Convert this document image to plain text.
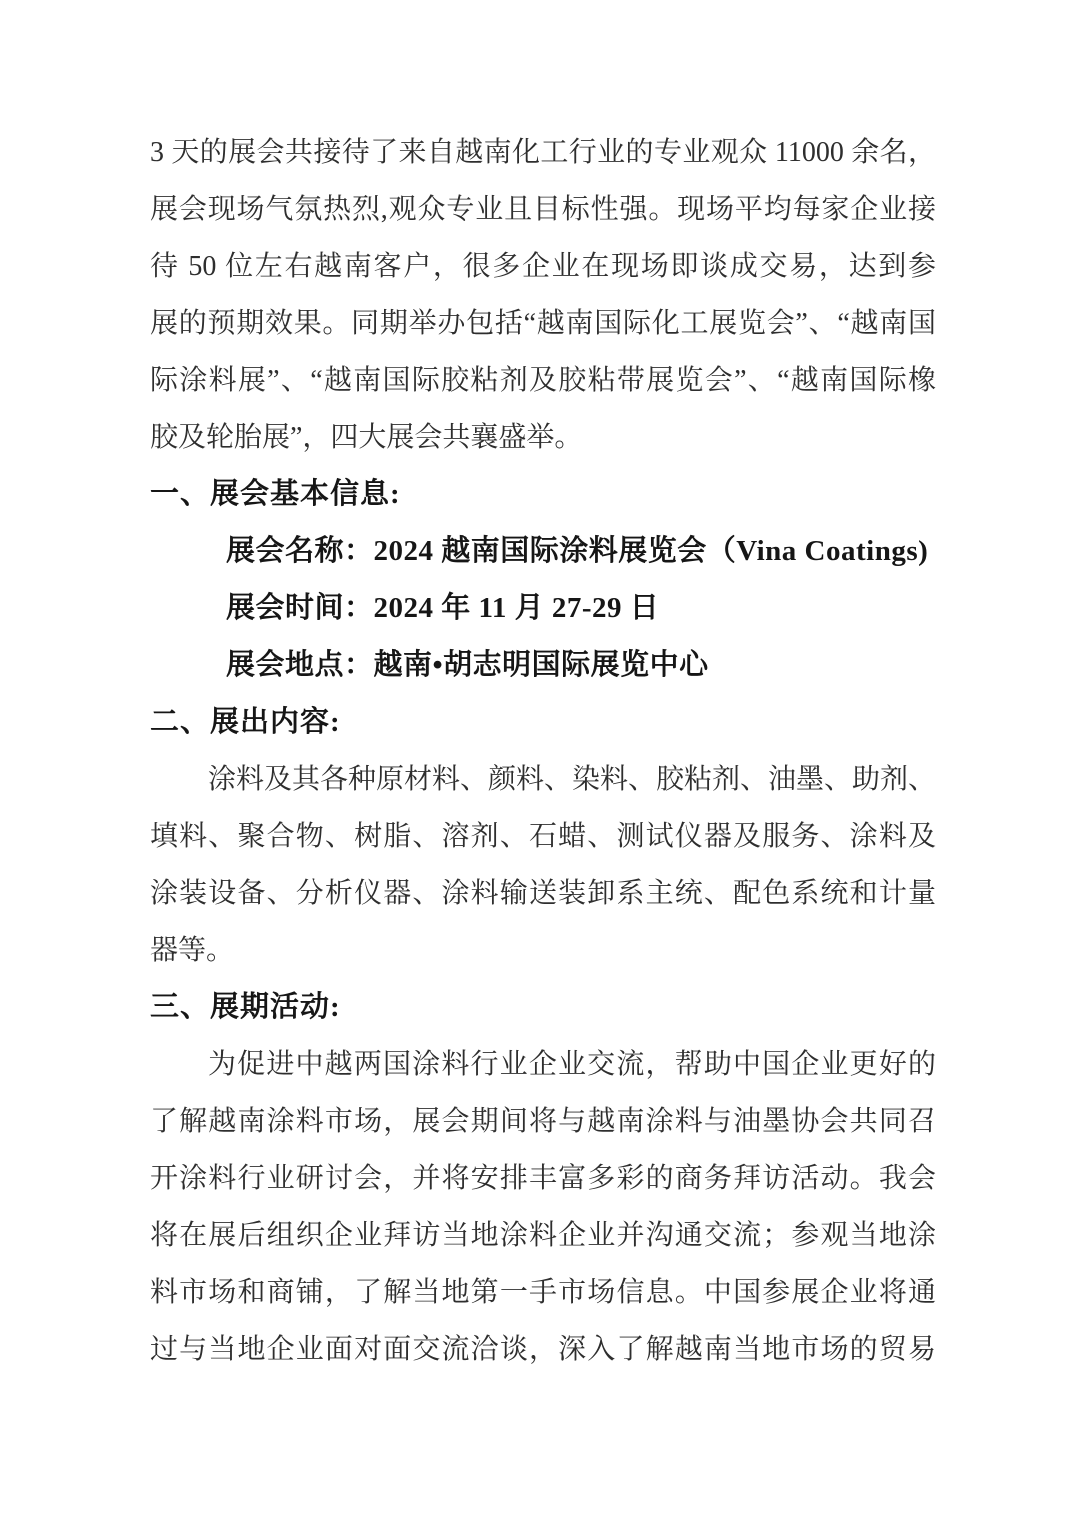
3 天的展会共接待了来自越南化工行业的专业观众 11000 余名，
展会现场气氛热烈,观众专业且目标性强。现场平均每家企业接
待 50 位左右越南客户，很多企业在现场即谈成交易，达到参
展的预期效果。同期举办包括“越南国际化工展览会”、“越南国
际涂料展”、“越南国际胶粘剂及胶粘带展览会”、“越南国际橡
胶及轮胎展”，四大展会共襄盛举。
一、展会基本信息:
展会名称：2024 越南国际涂料展览会（Vina Coatings)
展会时间：2024 年 11 月 27-29 日
展会地点：越南•胡志明国际展览中心
二、展出内容:
涂料及其各种原材料、颜料、染料、胶粘剂、油墨、助剂、
填料、聚合物、树脂、溶剂、石蜡、测试仪器及服务、涂料及
涂装设备、分析仪器、涂料输送装卸系主统、配色系统和计量
器等。
三、展期活动:
为促进中越两国涂料行业企业交流，帮助中国企业更好的
了解越南涂料市场，展会期间将与越南涂料与油墨协会共同召
开涂料行业研讨会，并将安排丰富多彩的商务拜访活动。我会
将在展后组织企业拜访当地涂料企业并沟通交流；参观当地涂
料市场和商铺，了解当地第一手市场信息。中国参展企业将通
过与当地企业面对面交流洽谈，深入了解越南当地市场的贸易
